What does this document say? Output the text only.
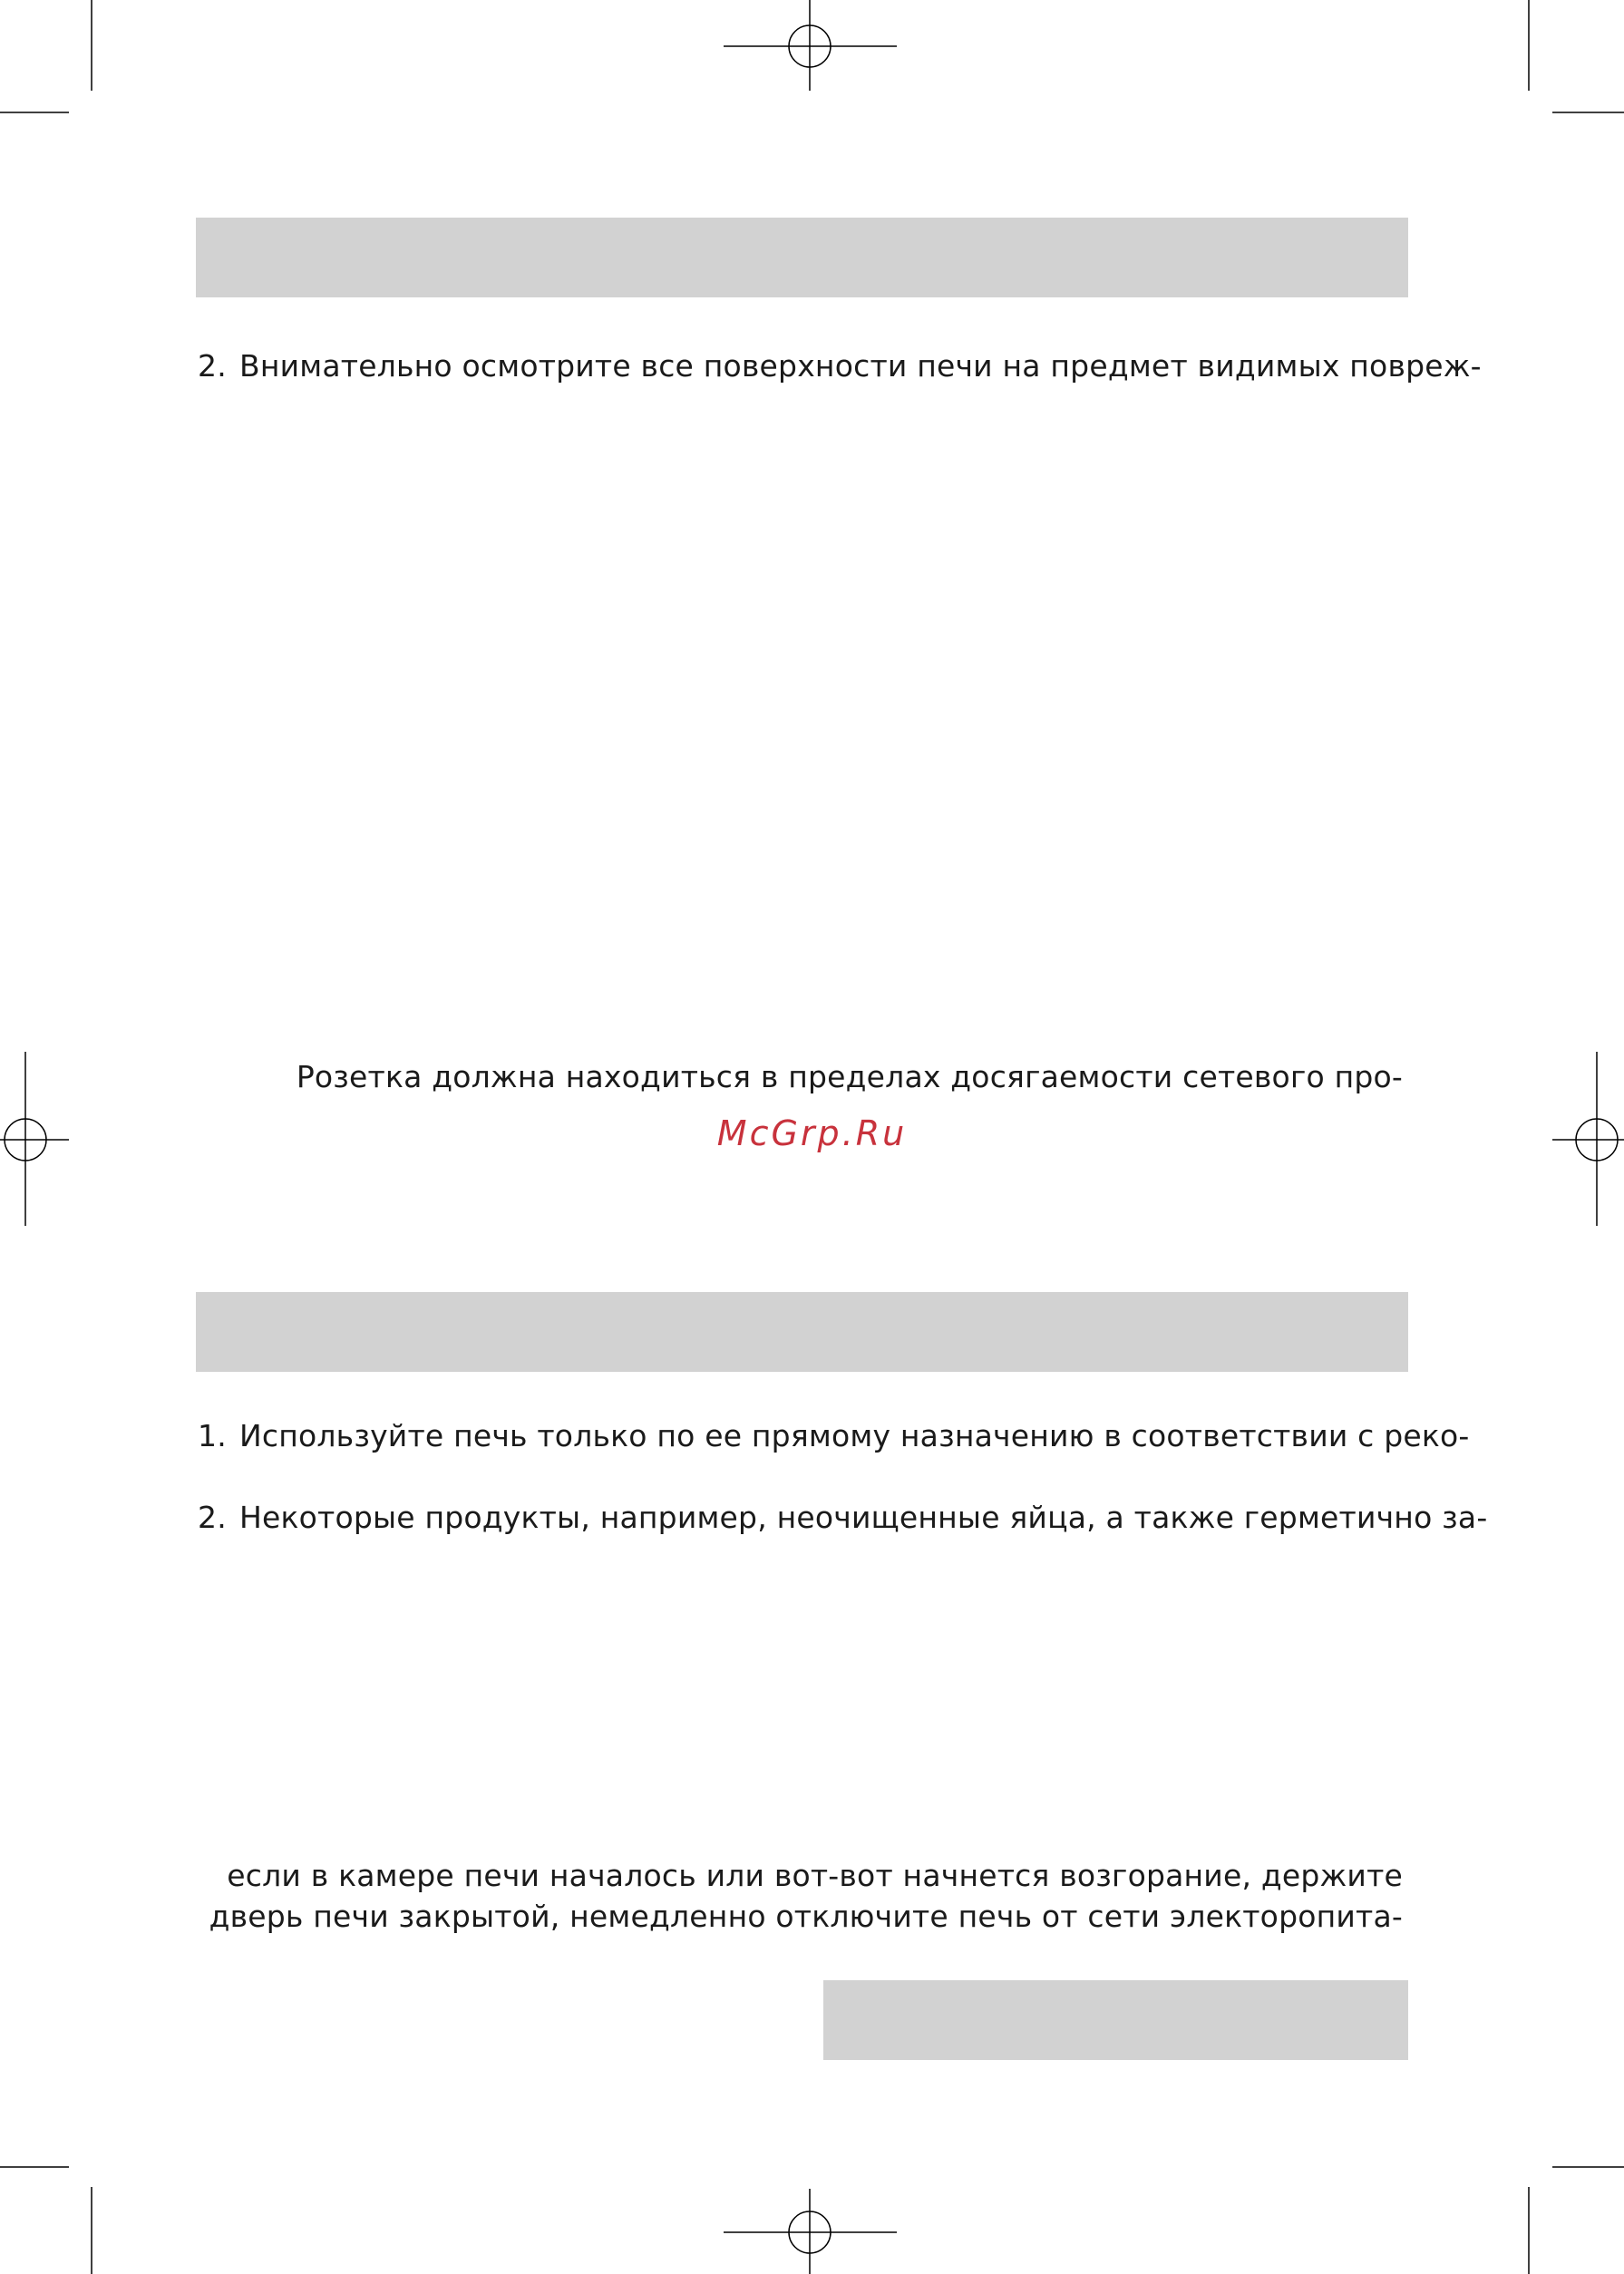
2. Внимательно осмотрите все поверхности печи на предмет видимых повреж-
Розетка должна находиться в пределах досягаемости сетевого про-
McGrp.Ru
1. Используйте печь только по ее прямому назначению в соответствии с реко-
2. Некоторые продукты, например, неочищенные яйца, а также герметично за-
если в камере печи началось или вот-вот начнется возгорание, держите
дверь печи закрытой, немедленно отключите печь от сети электоропита-
